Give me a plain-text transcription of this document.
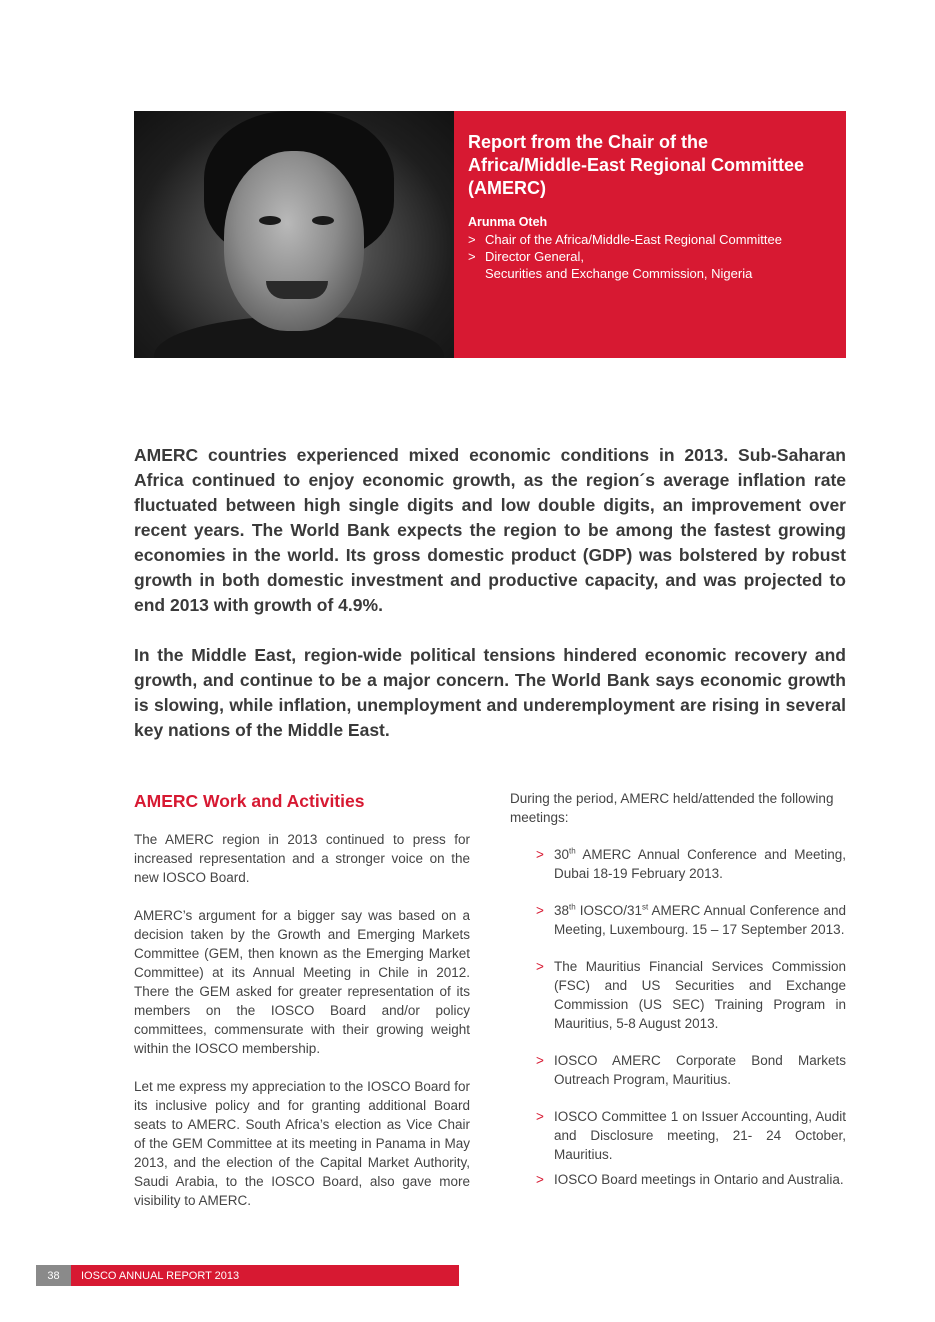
Report from the Chair of the
Africa/Middle-East Regional Committee
(AMERC)
Arunma Oteh
> Chair of the Africa/Middle-East Regional Committee
> Director General,
Securities and Exchange Commission, Nigeria

AMERC countries experienced mixed economic conditions in 2013. Sub-Saharan Africa continued to enjoy economic growth, as the region´s average inflation rate fluctuated between high single digits and low double digits, an improvement over recent years. The World Bank expects the region to be among the fastest growing economies in the world. Its gross domestic product (GDP) was bolstered by robust growth in both domestic investment and productive capacity, and was projected to end 2013 with growth of 4.9%.

In the Middle East, region-wide political tensions hindered economic recovery and growth, and continue to be a major concern. The World Bank says economic growth is slowing, while inflation, unemployment and underemployment are rising in several key nations of the Middle East.

AMERC Work and Activities

The AMERC region in 2013 continued to press for increased representation and a stronger voice on the new IOSCO Board.

AMERC’s argument for a bigger say was based on a decision taken by the Growth and Emerging Markets Committee (GEM, then known as the Emerging Market Committee) at its Annual Meeting in Chile in 2012. There the GEM asked for greater representation of its members on the IOSCO Board and/or policy committees, commensurate with their growing weight within the IOSCO membership.

Let me express my appreciation to the IOSCO Board for its inclusive policy and for granting additional Board seats to AMERC. South Africa’s election as Vice Chair of the GEM Committee at its meeting in Panama in May 2013, and the election of the Capital Market Authority, Saudi Arabia, to the IOSCO Board, also gave more visibility to AMERC.

During the period, AMERC held/attended the following meetings:

> 30th AMERC Annual Conference and Meeting, Dubai 18-19 February 2013.
> 38th IOSCO/31st AMERC Annual Conference and Meeting, Luxembourg. 15 – 17 September 2013.
> The Mauritius Financial Services Commission (FSC) and US Securities and Exchange Commission (US SEC) Training Program in Mauritius, 5-8 August 2013.
> IOSCO AMERC Corporate Bond Markets Outreach Program, Mauritius.
> IOSCO Committee 1 on Issuer Accounting, Audit and Disclosure meeting, 21- 24 October, Mauritius.
> IOSCO Board meetings in Ontario and Australia.
38	IOSCO ANNUAL REPORT 2013
